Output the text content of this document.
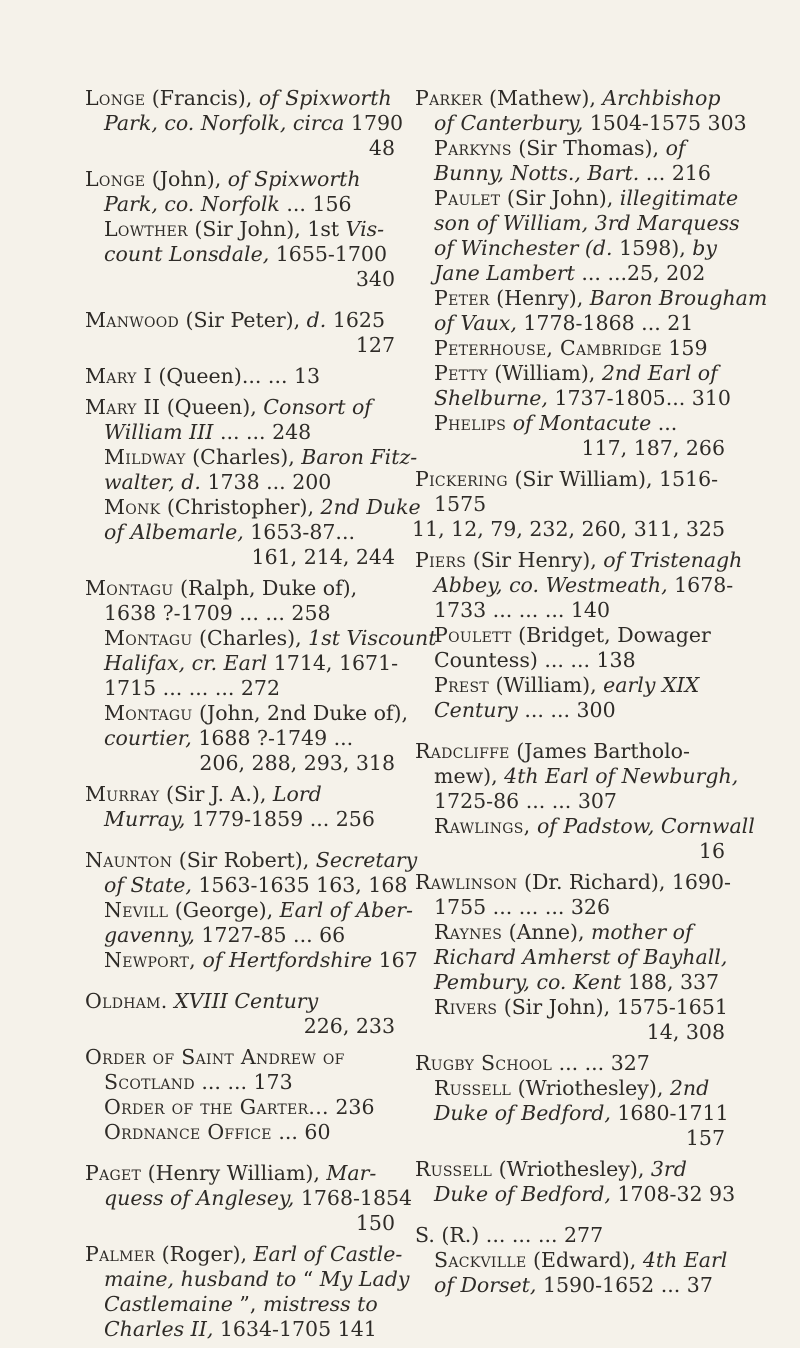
Longe (Francis), of Spixworth
Park, co. Norfolk, circa 1790
48
Longe (John), of Spixworth
Park, co. Norfolk ... 156
Lowther (Sir John), 1st Vis-
count Lonsdale, 1655-1700
340
Manwood (Sir Peter), d. 1625
127
Mary I (Queen)... ... 13
Mary II (Queen), Consort of
William III ... ... 248
Mildway (Charles), Baron Fitz-
walter, d. 1738 ... 200
Monk (Christopher), 2nd Duke
of Albemarle, 1653-87...
161, 214, 244
Montagu (Ralph, Duke of),
1638 ?-1709 ... ... 258
Montagu (Charles), 1st Viscount
Halifax, cr. Earl 1714, 1671-
1715 ... ... ... 272
Montagu (John, 2nd Duke of),
courtier, 1688 ?-1749 ...
206, 288, 293, 318
Murray (Sir J. A.), Lord
Murray, 1779-1859 ... 256
Naunton (Sir Robert), Secretary
of State, 1563-1635 163, 168
Nevill (George), Earl of Aber-
gavenny, 1727-85 ... 66
Newport, of Hertfordshire 167
Oldham. XVIII Century
226, 233
Order of Saint Andrew of
Scotland ... ... 173
Order of the Garter... 236
Ordnance Office ... 60
Paget (Henry William), Mar-
quess of Anglesey, 1768-1854
150
Palmer (Roger), Earl of Castle-
maine, husband to “ My Lady
Castlemaine ”, mistress to
Charles II, 1634-1705 141
Parker (Mathew), Archbishop
of Canterbury, 1504-1575 303
Parkyns (Sir Thomas), of
Bunny, Notts., Bart. ... 216
Paulet (Sir John), illegitimate
son of William, 3rd Marquess
of Winchester (d. 1598), by
Jane Lambert ... ...25, 202
Peter (Henry), Baron Brougham
of Vaux, 1778-1868 ... 21
Peterhouse, Cambridge 159
Petty (William), 2nd Earl of
Shelburne, 1737-1805... 310
Phelips of Montacute ...
117, 187, 266
Pickering (Sir William), 1516-
1575
11, 12, 79, 232, 260, 311, 325
Piers (Sir Henry), of Tristenagh
Abbey, co. Westmeath, 1678-
1733 ... ... ... 140
Poulett (Bridget, Dowager
Countess) ... ... 138
Prest (William), early XIX
Century ... ... 300
Radcliffe (James Bartholo-
mew), 4th Earl of Newburgh,
1725-86 ... ... 307
Rawlings, of Padstow, Cornwall
16
Rawlinson (Dr. Richard), 1690-
1755 ... ... ... 326
Raynes (Anne), mother of
Richard Amherst of Bayhall,
Pembury, co. Kent 188, 337
Rivers (Sir John), 1575-1651
14, 308
Rugby School ... ... 327
Russell (Wriothesley), 2nd
Duke of Bedford, 1680-1711
157
Russell (Wriothesley), 3rd
Duke of Bedford, 1708-32 93
S. (R.) ... ... ... 277
Sackville (Edward), 4th Earl
of Dorset, 1590-1652 ... 37
